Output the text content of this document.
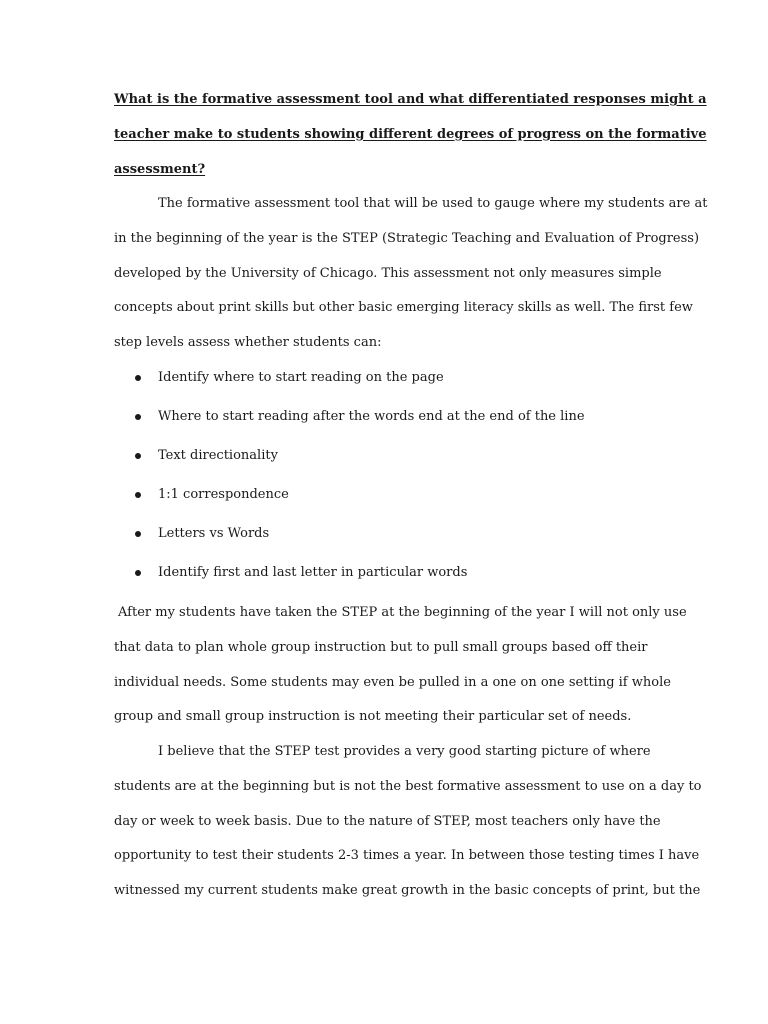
What is the formative assessment tool and what differentiated responses might a
teacher make to students showing different degrees of progress on the formative
assessment?
The formative assessment tool that will be used to gauge where my students are at
in the beginning of the year is the STEP (Strategic Teaching and Evaluation of Progress)
developed by the University of Chicago. This assessment not only measures simple
concepts about print skills but other basic emerging literacy skills as well. The first few
step levels assess whether students can:
Identify where to start reading on the page
Where to start reading after the words end at the end of the line
Text directionality
1:1 correspondence
Letters vs Words
Identify first and last letter in particular words
After my students have taken the STEP at the beginning of the year I will not only use
that data to plan whole group instruction but to pull small groups based off their
individual needs. Some students may even be pulled in a one on one setting if whole
group and small group instruction is not meeting their particular set of needs.
I believe that the STEP test provides a very good starting picture of where
students are at the beginning but is not the best formative assessment to use on a day to
day or week to week basis. Due to the nature of STEP, most teachers only have the
opportunity to test their students 2-3 times a year. In between those testing times I have
witnessed my current students make great growth in the basic concepts of print, but the
